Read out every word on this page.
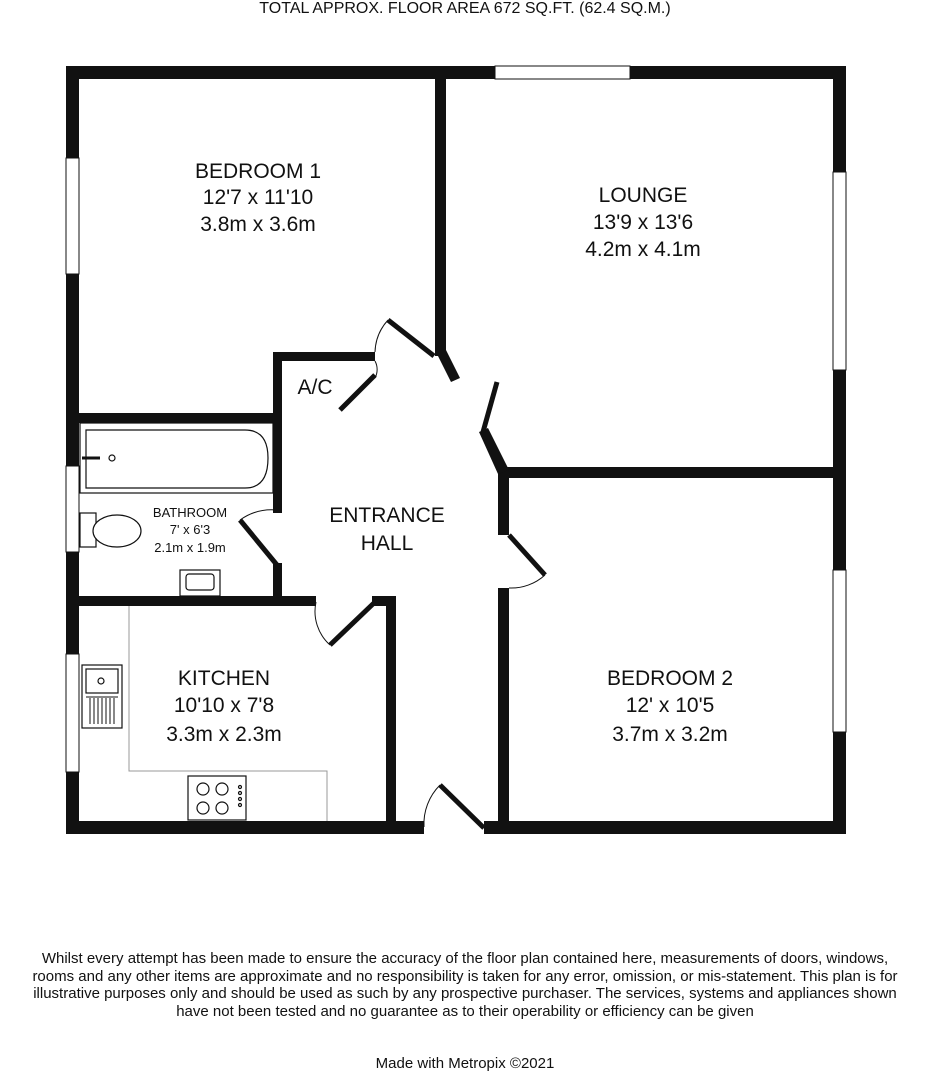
BEDROOM 1
12'7 x 11'10
3.8m x 3.6m
LOUNGE
13'9 x 13'6
4.2m x 4.1m
A/C
BATHROOM
7' x 6'3
2.1m x 1.9m
ENTRANCE
HALL
KITCHEN
10'10 x 7'8
3.3m x 2.3m
BEDROOM 2
12' x 10'5
3.7m x 3.2m
TOTAL APPROX. FLOOR AREA 672 SQ.FT. (62.4 SQ.M.)
Whilst every attempt has been made to ensure the accuracy of the floor plan contained here, measurements of doors, windows, rooms and any other items are approximate and no responsibility is taken for any error, omission, or mis-statement. This plan is for illustrative purposes only and should be used as such by any prospective purchaser. The services, systems and appliances shown have not been tested and no guarantee as to their operability or efficiency can be given
Made with Metropix ©2021
